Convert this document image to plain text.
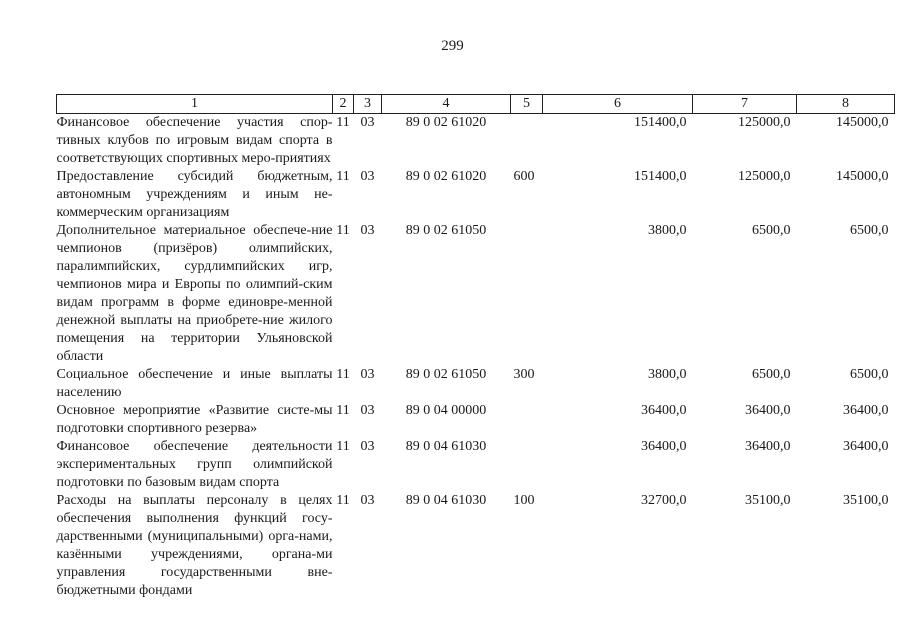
299
1	2	3	4	5	6	7	8
Финансовое обеспечение участия спор-тивных клубов по игровым видам спорта в соответствующих спортивных меро-приятиях	11	03	89 0 02 61020		151400,0	125000,0	145000,0
Предоставление субсидий бюджетным, автономным учреждениям и иным не-коммерческим организациям	11	03	89 0 02 61020	600	151400,0	125000,0	145000,0
Дополнительное материальное обеспече-ние чемпионов (призёров) олимпийских, паралимпийских, сурдлимпийских игр, чемпионов мира и Европы по олимпий-ским видам программ в форме единовре-менной денежной выплаты на приобрете-ние жилого помещения на территории Ульяновской области	11	03	89 0 02 61050		3800,0	6500,0	6500,0
Социальное обеспечение и иные выплаты населению	11	03	89 0 02 61050	300	3800,0	6500,0	6500,0
Основное мероприятие «Развитие систе-мы подготовки спортивного резерва»	11	03	89 0 04 00000		36400,0	36400,0	36400,0
Финансовое обеспечение деятельности экспериментальных групп олимпийской подготовки по базовым видам спорта	11	03	89 0 04 61030		36400,0	36400,0	36400,0
Расходы на выплаты персоналу в целях обеспечения выполнения функций госу-дарственными (муниципальными) орга-нами, казёнными учреждениями, органа-ми управления государственными вне-бюджетными фондами	11	03	89 0 04 61030	100	32700,0	35100,0	35100,0
